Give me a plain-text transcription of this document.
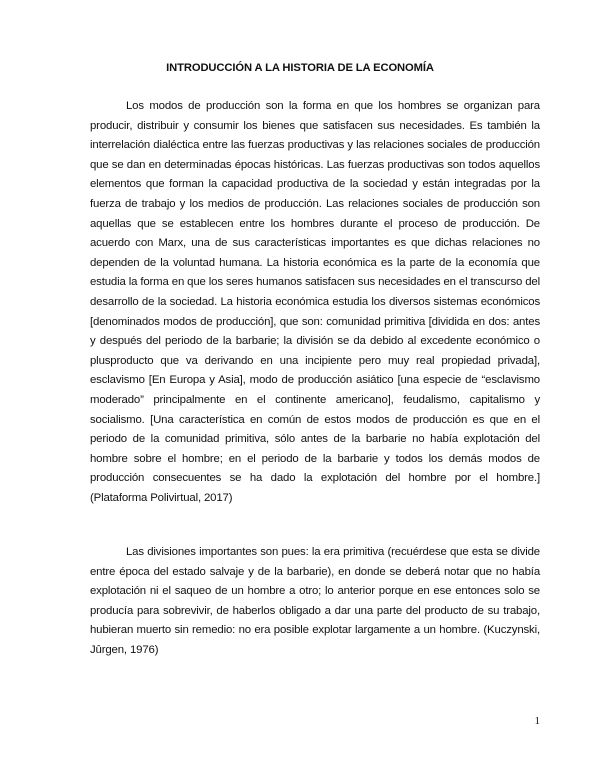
INTRODUCCIÓN A LA HISTORIA DE LA ECONOMÍA

Los modos de producción son la forma en que los hombres se organizan para producir, distribuir y consumir los bienes que satisfacen sus necesidades. Es también la interrelación dialéctica entre las fuerzas productivas y las relaciones sociales de producción que se dan en determinadas épocas históricas. Las fuerzas productivas son todos aquellos elementos que forman la capacidad productiva de la sociedad y están integradas por la fuerza de trabajo y los medios de producción. Las relaciones sociales de producción son aquellas que se establecen entre los hombres durante el proceso de producción. De acuerdo con Marx, una de sus características importantes es que dichas relaciones no dependen de la voluntad humana. La historia económica es la parte de la economía que estudia la forma en que los seres humanos satisfacen sus necesidades en el transcurso del desarrollo de la sociedad. La historia económica estudia los diversos sistemas económicos [denominados modos de producción], que son: comunidad primitiva [dividida en dos: antes y después del periodo de la barbarie; la división se da debido al excedente económico o plusproducto que va derivando en una incipiente pero muy real propiedad privada], esclavismo [En Europa y Asia], modo de producción asiático [una especie de “esclavismo moderado” principalmente en el continente americano], feudalismo, capitalismo y socialismo. [Una característica en común de estos modos de producción es que en el periodo de la comunidad primitiva, sólo antes de la barbarie no había explotación del hombre sobre el hombre; en el periodo de la barbarie y todos los demás modos de producción consecuentes se ha dado la explotación del hombre por el hombre.] (Plataforma Polivirtual, 2017)

Las divisiones importantes son pues: la era primitiva (recuérdese que esta se divide entre época del estado salvaje y de la barbarie), en donde se deberá notar que no había explotación ni el saqueo de un hombre a otro; lo anterior porque en ese entonces solo se producía para sobrevivir, de haberlos obligado a dar una parte del producto de su trabajo, hubieran muerto sin remedio: no era posible explotar largamente a un hombre. (Kuczynski, Jûrgen, 1976)

1
